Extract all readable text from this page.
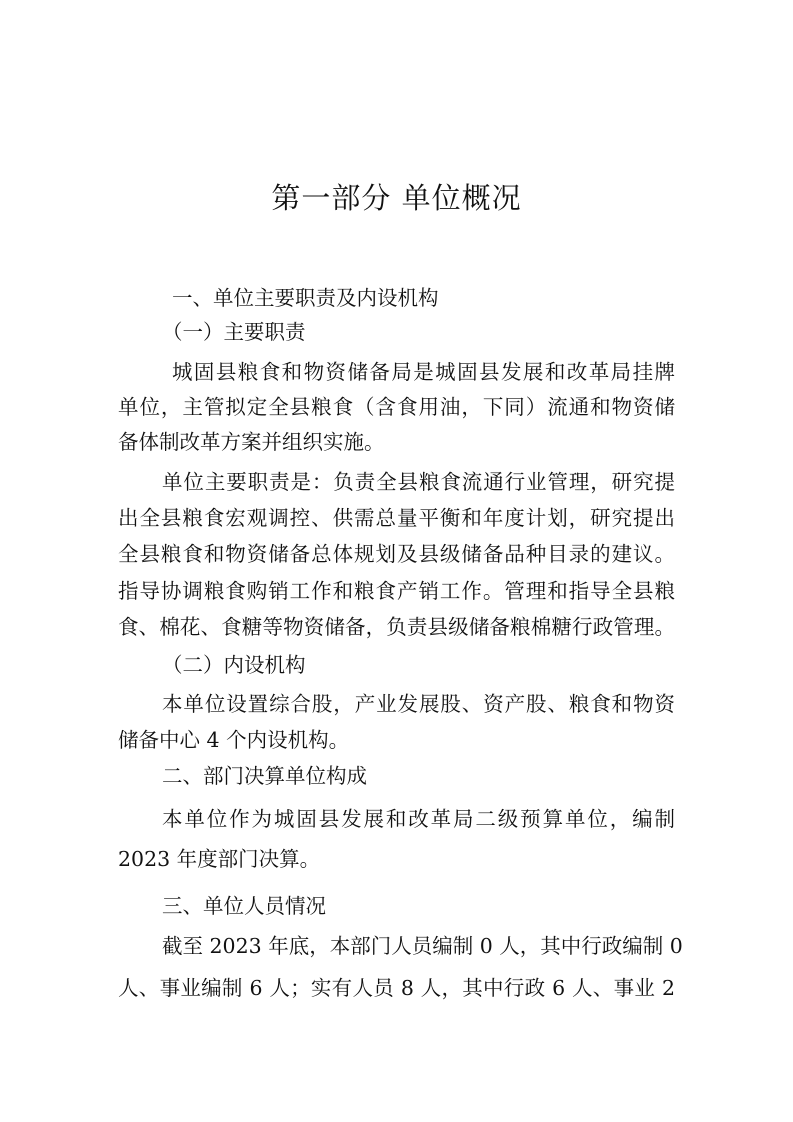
第一部分 单位概况
一、单位主要职责及内设机构
（一）主要职责
城固县粮食和物资储备局是城固县发展和改革局挂牌
单位，主管拟定全县粮食（含食用油，下同）流通和物资储
备体制改革方案并组织实施。
单位主要职责是：负责全县粮食流通行业管理，研究提
出全县粮食宏观调控、供需总量平衡和年度计划，研究提出
全县粮食和物资储备总体规划及县级储备品种目录的建议。
指导协调粮食购销工作和粮食产销工作。管理和指导全县粮
食、棉花、食糖等物资储备，负责县级储备粮棉糖行政管理。
（二）内设机构
本单位设置综合股，产业发展股、资产股、粮食和物资
储备中心 4 个内设机构。
二、部门决算单位构成
本单位作为城固县发展和改革局二级预算单位，编制
2023 年度部门决算。
三、单位人员情况
截至 2023 年底，本部门人员编制 0 人，其中行政编制 0
人、事业编制 6 人；实有人员 8 人，其中行政 6 人、事业 2
